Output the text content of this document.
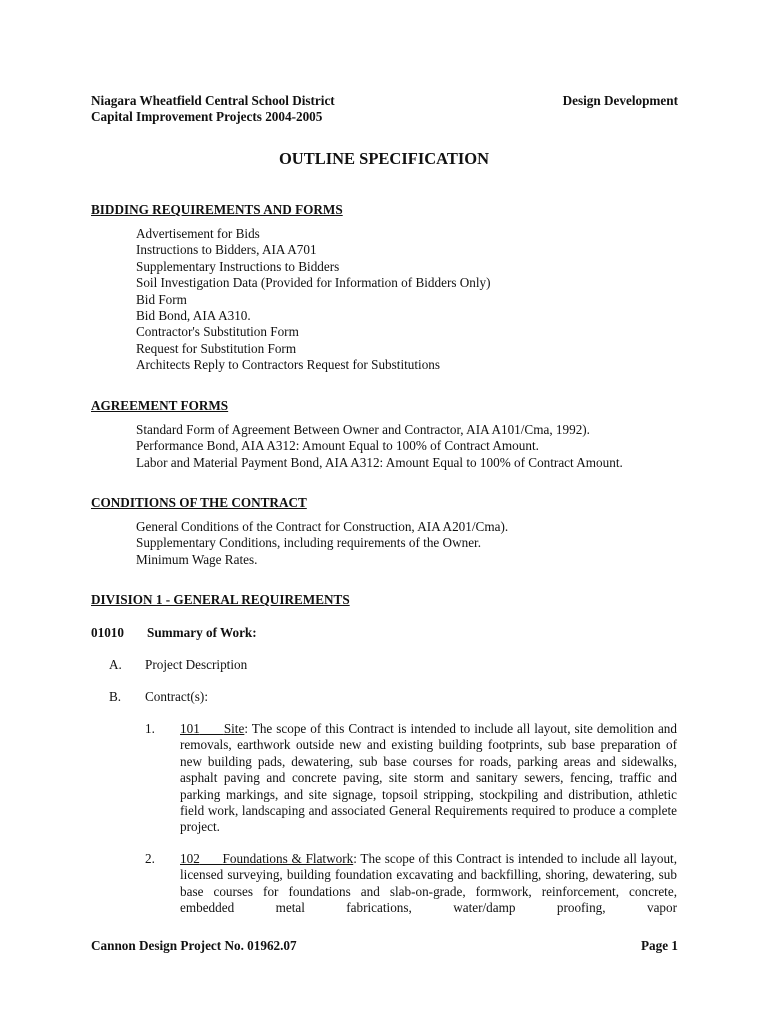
Niagara Wheatfield Central School District
Capital Improvement Projects 2004-2005
Design Development
OUTLINE SPECIFICATION
BIDDING REQUIREMENTS AND FORMS
Advertisement for Bids
Instructions to Bidders, AIA A701
Supplementary Instructions to Bidders
Soil Investigation Data (Provided for Information of Bidders Only)
Bid Form
Bid Bond, AIA A310.
Contractor's Substitution Form
Request for Substitution Form
Architects Reply to Contractors Request for Substitutions
AGREEMENT FORMS
Standard Form of Agreement Between Owner and Contractor, AIA A101/Cma, 1992).
Performance Bond, AIA A312: Amount Equal to 100% of Contract Amount.
Labor and Material Payment Bond, AIA A312: Amount Equal to 100% of Contract Amount.
CONDITIONS OF THE CONTRACT
General Conditions of the Contract for Construction, AIA A201/Cma).
Supplementary Conditions, including requirements of the Owner.
Minimum Wage Rates.
DIVISION 1 - GENERAL REQUIREMENTS
01010 Summary of Work:
A. Project Description
B. Contract(s):
1. 101 Site: The scope of this Contract is intended to include all layout, site demolition and removals, earthwork outside new and existing building footprints, sub base preparation of new building pads, dewatering, sub base courses for roads, parking areas and sidewalks, asphalt paving and concrete paving, site storm and sanitary sewers, fencing, traffic and parking markings, and site signage, topsoil stripping, stockpiling and distribution, athletic field work, landscaping and associated General Requirements required to produce a complete project.
2. 102 Foundations & Flatwork: The scope of this Contract is intended to include all layout, licensed surveying, building foundation excavating and backfilling, shoring, dewatering, sub base courses for foundations and slab-on-grade, formwork, reinforcement, concrete, embedded metal fabrications, water/damp proofing, vapor
Cannon Design Project No. 01962.07	Page 1
